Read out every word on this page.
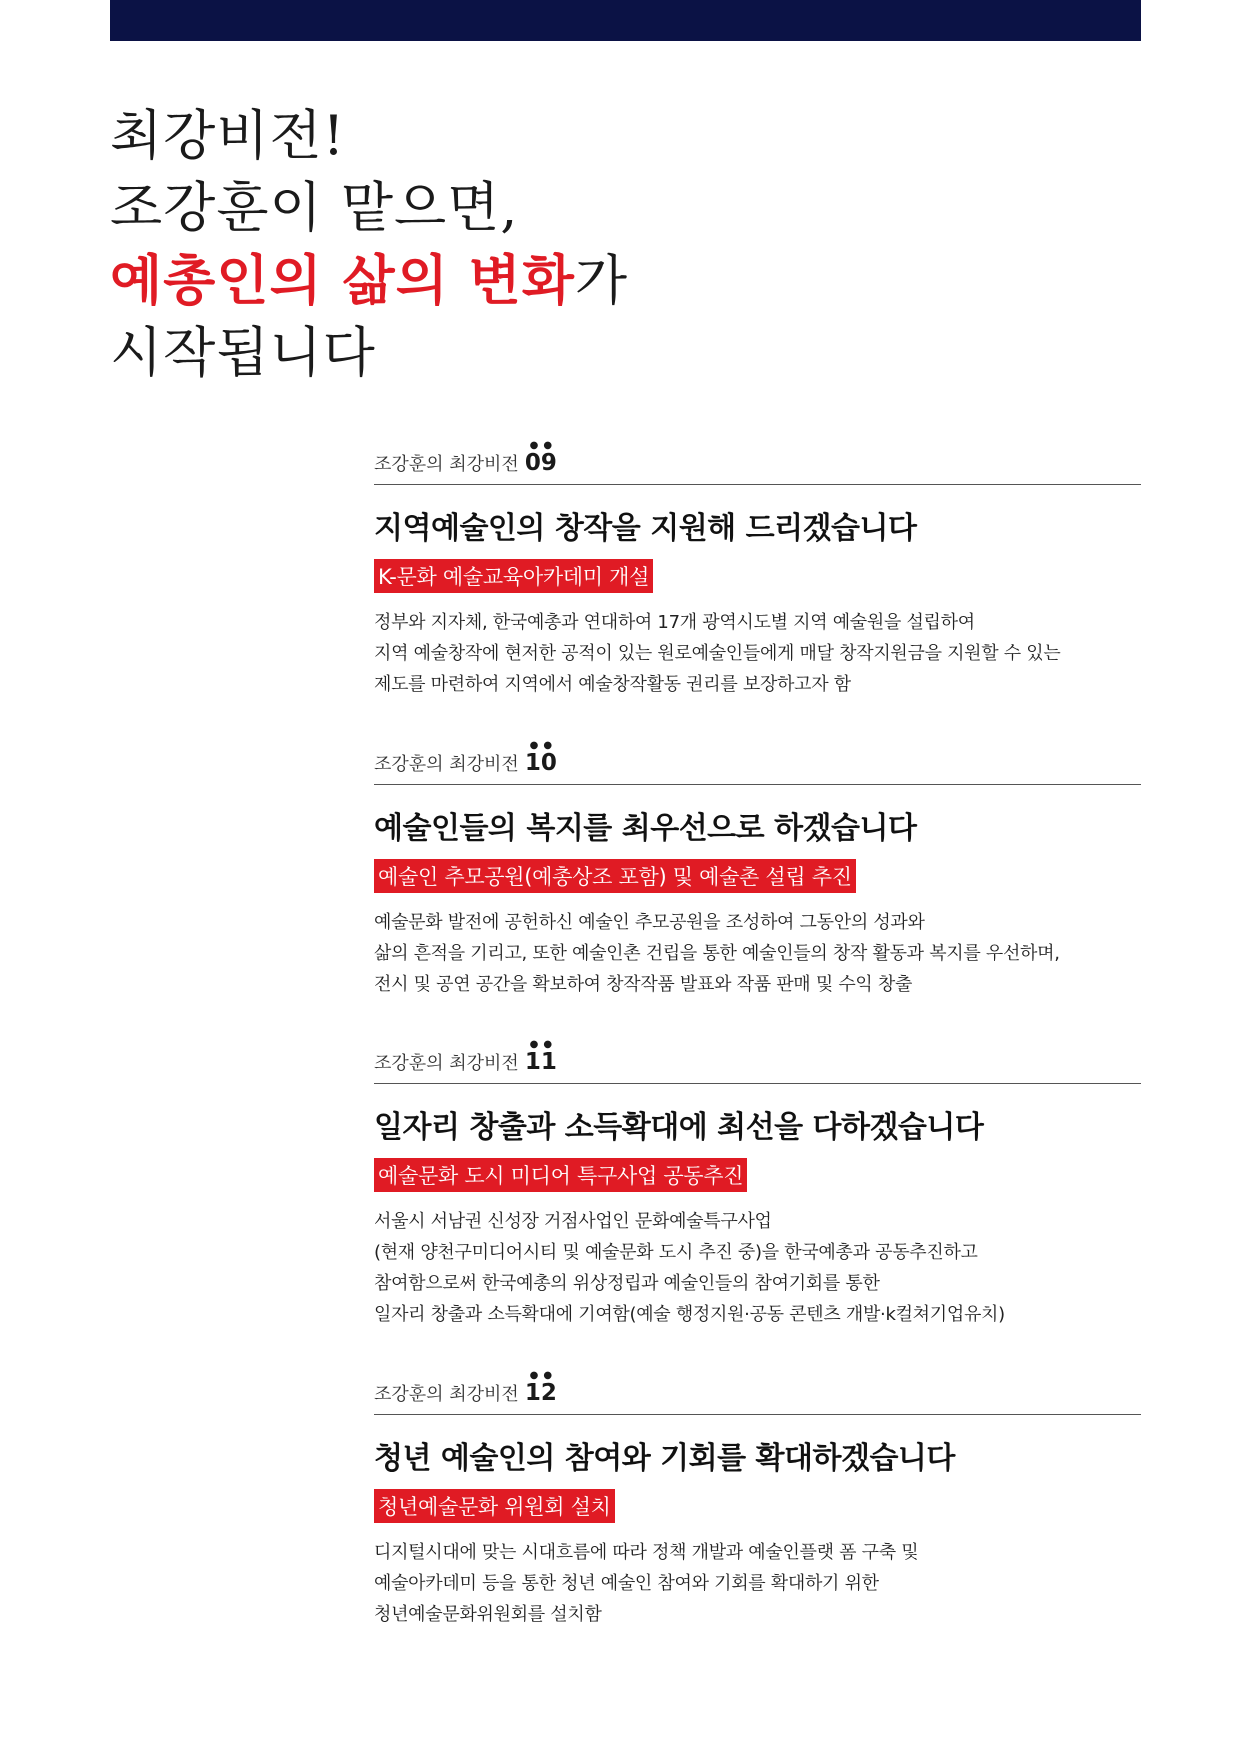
최강비전!
조강훈이 맡으면,
예총인의 삶의 변화가
시작됩니다
조강훈의 최강비전
●●
09
지역예술인의 창작을 지원해 드리겠습니다
K-문화 예술교육아카데미 개설
정부와 지자체, 한국예총과 연대하여 17개 광역시도별 지역 예술원을 설립하여
지역 예술창작에 현저한 공적이 있는 원로예술인들에게 매달 창작지원금을 지원할 수 있는
제도를 마련하여 지역에서 예술창작활동 권리를 보장하고자 함
조강훈의 최강비전
●●
10
예술인들의 복지를 최우선으로 하겠습니다
예술인 추모공원(예총상조 포함) 및 예술촌 설립 추진
예술문화 발전에 공헌하신 예술인 추모공원을 조성하여 그동안의 성과와
삶의 흔적을 기리고, 또한 예술인촌 건립을 통한 예술인들의 창작 활동과 복지를 우선하며,
전시 및 공연 공간을 확보하여 창작작품 발표와 작품 판매 및 수익 창출
조강훈의 최강비전
●●
11
일자리 창출과 소득확대에 최선을 다하겠습니다
예술문화 도시 미디어 특구사업 공동추진
서울시 서남권 신성장 거점사업인 문화예술특구사업
(현재 양천구미디어시티 및 예술문화 도시 추진 중)을 한국예총과 공동추진하고
참여함으로써 한국예총의 위상정립과 예술인들의 참여기회를 통한
일자리 창출과 소득확대에 기여함(예술 행정지원·공동 콘텐츠 개발·k컬쳐기업유치)
조강훈의 최강비전
●●
12
청년 예술인의 참여와 기회를 확대하겠습니다
청년예술문화 위원회 설치
디지털시대에 맞는 시대흐름에 따라 정책 개발과 예술인플랫 폼 구축 및
예술아카데미 등을 통한 청년 예술인 참여와 기회를 확대하기 위한
청년예술문화위원회를 설치함
